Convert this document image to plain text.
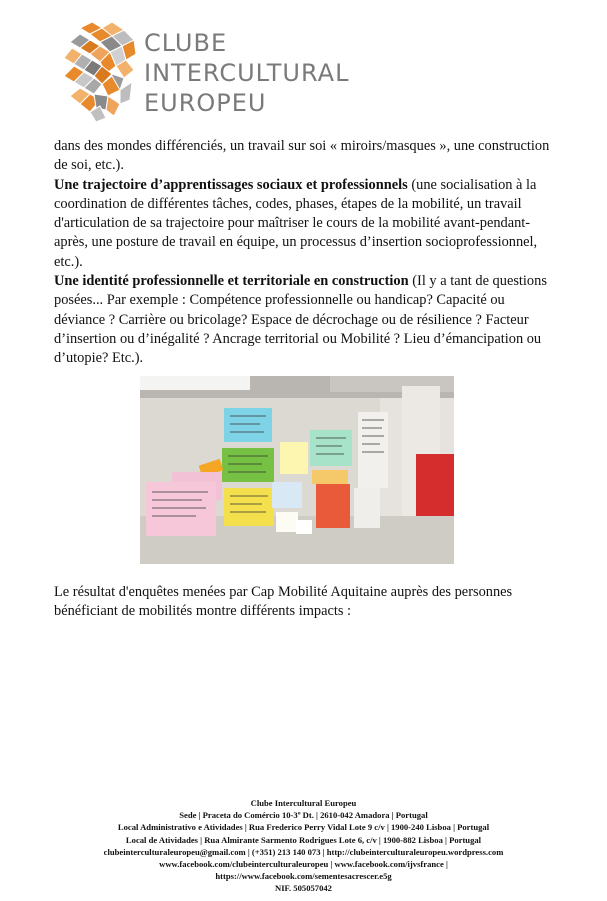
CLUBE
INTERCULTURAL
EUROPEU

dans des mondes différenciés, un travail sur soi « miroirs/masques », une construction de soi, etc.).

Une trajectoire d’apprentissages sociaux et professionnels (une socialisation à la coordination de différentes tâches, codes, phases, étapes de la mobilité, un travail d'articulation de sa trajectoire pour maîtriser le cours de la mobilité avant-pendant-après, une posture de travail en équipe, un processus d’insertion socioprofessionnel, etc.).

Une identité professionnelle et territoriale en construction (Il y a tant de questions posées... Par exemple : Compétence professionnelle ou handicap? Capacité ou déviance ? Carrière ou bricolage? Espace de décrochage ou de résilience ? Facteur d’insertion ou d’inégalité ? Ancrage territorial ou Mobilité ? Lieu d’émancipation ou d’utopie? Etc.).

Le résultat d'enquêtes menées par Cap Mobilité Aquitaine auprès des personnes bénéficiant de mobilités montre différents impacts :

Clube Intercultural Europeu
Sede | Praceta do Comércio 10-3º Dt. | 2610-042 Amadora | Portugal
Local Administrativo e Atividades | Rua Frederico Perry Vidal Lote 9 c/v | 1900-240 Lisboa | Portugal
Local de Atividades | Rua Almirante Sarmento Rodrigues Lote 6, c/v | 1900-882 Lisboa | Portugal
clubeinterculturaleuropeu@gmail.com | (+351) 213 140 073 | http://clubeinterculturaleuropeu.wordpress.com
www.facebook.com/clubeinterculturaleuropeu | www.facebook.com/ijvsfrance |
https://www.facebook.com/sementesacrescer.e5g
NIF. 505057042
